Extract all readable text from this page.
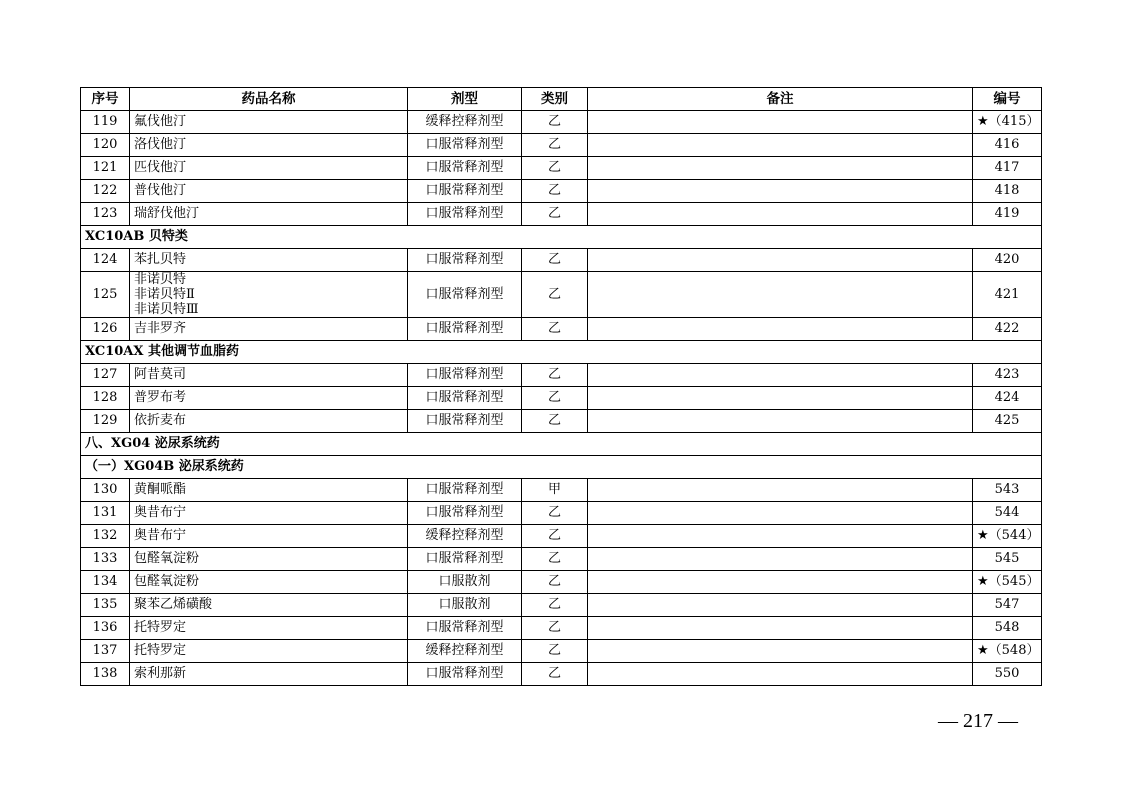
序号	药品名称	剂型	类别	备注	编号
119	氟伐他汀	缓释控释剂型	乙		★（415）
120	洛伐他汀	口服常释剂型	乙		416
121	匹伐他汀	口服常释剂型	乙		417
122	普伐他汀	口服常释剂型	乙		418
123	瑞舒伐他汀	口服常释剂型	乙		419
XC10AB 贝特类					
124	苯扎贝特	口服常释剂型	乙		420
125	非诺贝特
非诺贝特Ⅱ
非诺贝特Ⅲ	口服常释剂型	乙		421
126	吉非罗齐	口服常释剂型	乙		422
XC10AX 其他调节血脂药					
127	阿昔莫司	口服常释剂型	乙		423
128	普罗布考	口服常释剂型	乙		424
129	依折麦布	口服常释剂型	乙		425
八、XG04 泌尿系统药					
（一）XG04B 泌尿系统药					
130	黄酮哌酯	口服常释剂型	甲		543
131	奥昔布宁	口服常释剂型	乙		544
132	奥昔布宁	缓释控释剂型	乙		★（544）
133	包醛氧淀粉	口服常释剂型	乙		545
134	包醛氧淀粉	口服散剂	乙		★（545）
135	聚苯乙烯磺酸	口服散剂	乙		547
136	托特罗定	口服常释剂型	乙		548
137	托特罗定	缓释控释剂型	乙		★（548）
138	索利那新	口服常释剂型	乙		550
— 217 —
